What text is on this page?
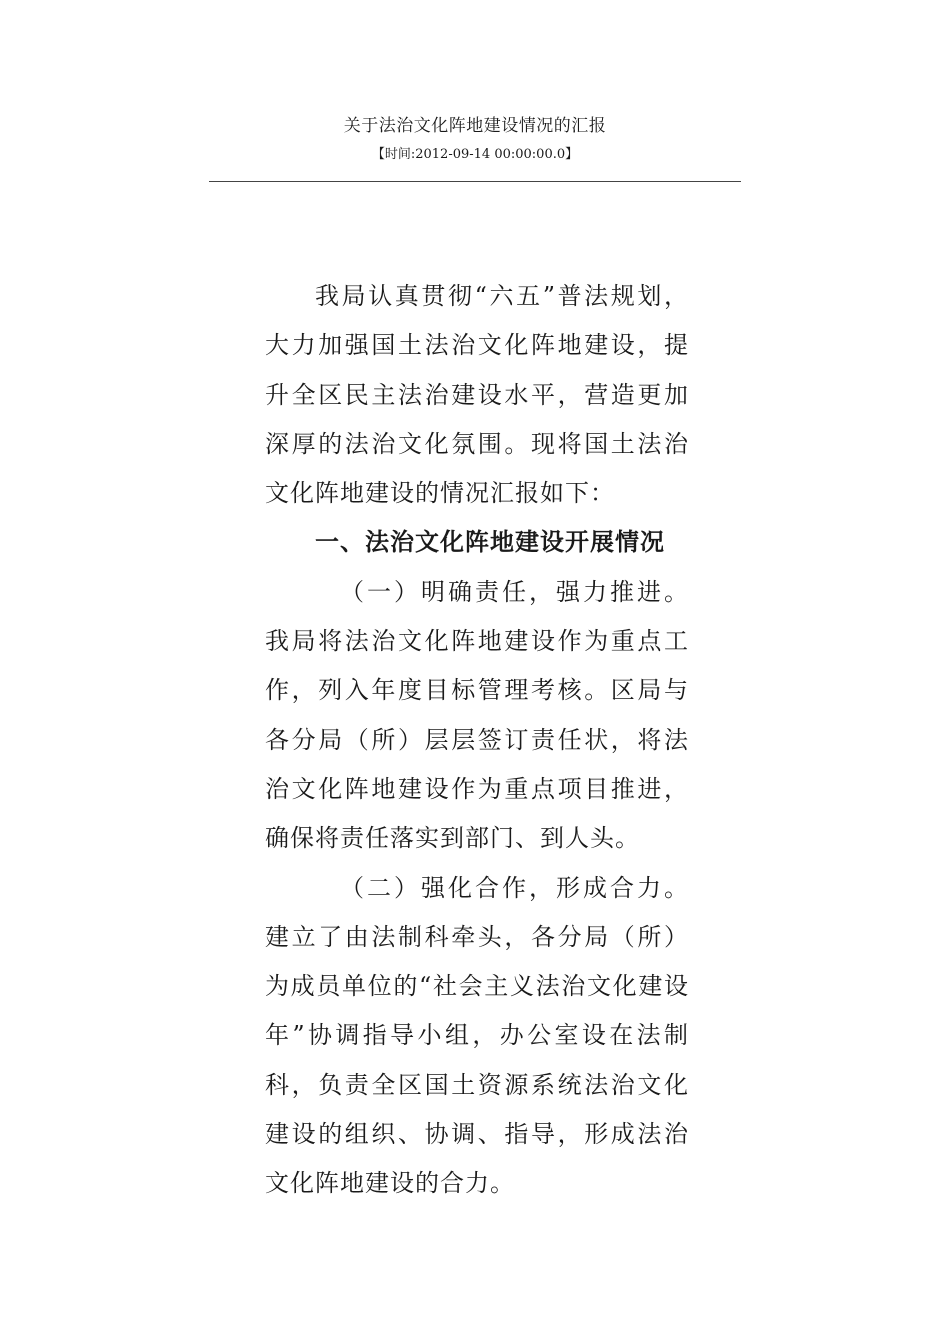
关于法治文化阵地建设情况的汇报
【时间:2012-09-14 00:00:00.0】

我局认真贯彻“六五”普法规划，大力加强国土法治文化阵地建设，提升全区民主法治建设水平，营造更加深厚的法治文化氛围。现将国土法治文化阵地建设的情况汇报如下：

一、法治文化阵地建设开展情况

（一）明确责任，强力推进。我局将法治文化阵地建设作为重点工作，列入年度目标管理考核。区局与各分局（所）层层签订责任状，将法治文化阵地建设作为重点项目推进，确保将责任落实到部门、到人头。

（二）强化合作，形成合力。建立了由法制科牵头，各分局（所）为成员单位的“社会主义法治文化建设年”协调指导小组，办公室设在法制科，负责全区国土资源系统法治文化建设的组织、协调、指导，形成法治文化阵地建设的合力。
